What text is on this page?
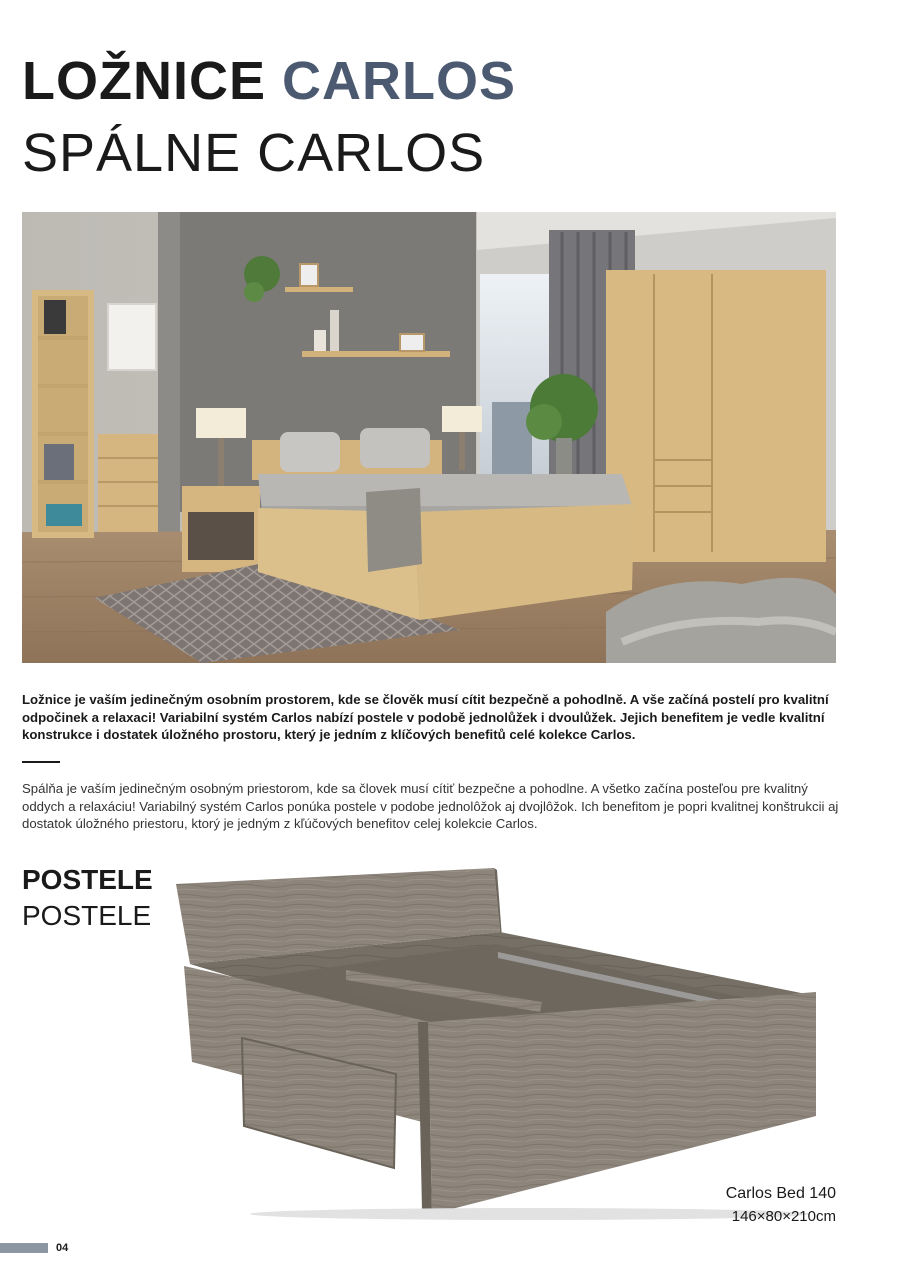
LOŽNICE CARLOS
SPÁLNE CARLOS
Ložnice je vaším jedinečným osobním prostorem, kde se člověk musí cítit bezpečně a pohodlně. A vše začíná postelí pro kvalitní odpočinek a relaxaci! Variabilní systém Carlos nabízí postele v podobě jednolůžek i dvoulůžek. Jejich benefitem je vedle kvalitní konstrukce i dostatek úložného prostoru, který je jedním z klíčových benefitů celé kolekce Carlos.
Spálňa je vaším jedinečným osobným priestorom, kde sa človek musí cítiť bezpečne a pohodlne. A všetko začína posteľou pre kvalitný oddych a relaxáciu! Variabilný systém Carlos ponúka postele v podobe jednolôžok aj dvojlôžok. Ich benefitom je popri kvalitnej konštrukcii aj dostatok úložného priestoru, ktorý je jedným z kľúčových benefitov celej kolekcie Carlos.
POSTELE
POSTELE
Carlos Bed 140
146×80×210cm
04
